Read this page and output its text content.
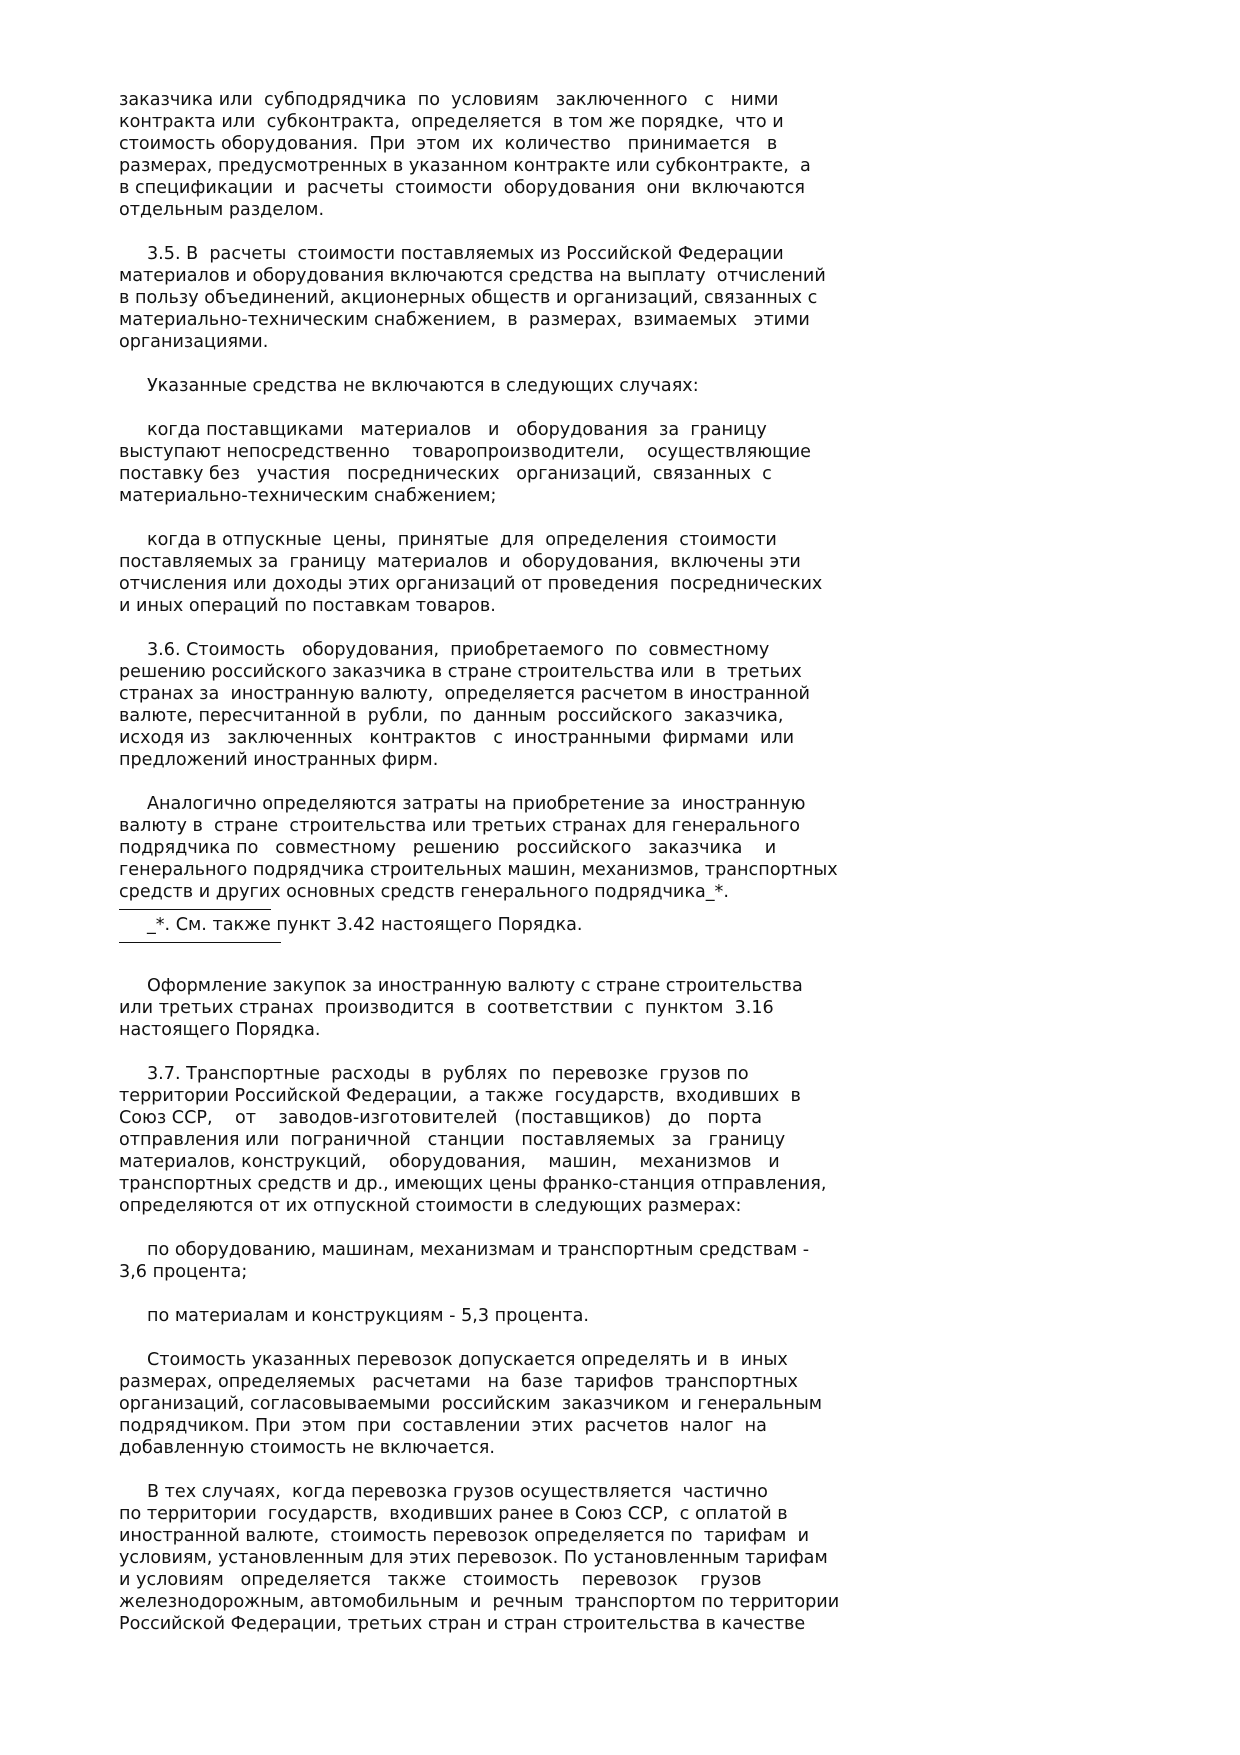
заказчика или  субподрядчика  по  условиям   заключенного   с   ними
контракта или  субконтракта,  определяется  в том же порядке,  что и
стоимость оборудования.  При  этом  их  количество   принимается   в
размерах, предусмотренных в указанном контракте или субконтракте,  а
в спецификации  и  расчеты  стоимости  оборудования  они  включаются
отдельным разделом.
3.5. В  расчеты  стоимости поставляемых из Российской Федерации
материалов и оборудования включаются средства на выплату  отчислений
в пользу объединений, акционерных обществ и организаций, связанных с
материально-техническим снабжением,  в  размерах,  взимаемых   этими
организациями.
Указанные средства не включаются в следующих случаях:
когда поставщиками   материалов   и   оборудования  за  границу
выступают непосредственно    товаропроизводители,    осуществляющие
поставку без   участия   посреднических   организаций,  связанных  с
материально-техническим снабжением;
когда в отпускные  цены,  принятые  для  определения  стоимости
поставляемых за  границу  материалов  и  оборудования,  включены эти
отчисления или доходы этих организаций от проведения  посреднических
и иных операций по поставкам товаров.
3.6. Стоимость   оборудования,  приобретаемого  по  совместному
решению российского заказчика в стране строительства или  в  третьих
странах за  иностранную валюту,  определяется расчетом в иностранной
валюте, пересчитанной в  рубли,  по  данным  российского  заказчика,
исходя из   заключенных   контрактов   с  иностранными  фирмами  или
предложений иностранных фирм.
Аналогично определяются затраты на приобретение за  иностранную
валюту в  стране  строительства или третьих странах для генерального
подрядчика по   совместному   решению   российского   заказчика    и
генерального подрядчика строительных машин, механизмов, транспортных
средств и других основных средств генерального подрядчика_*.
_*. См. также пункт 3.42 настоящего Порядка.
Оформление закупок за иностранную валюту с стране строительства
или третьих странах  производится  в  соответствии  с  пунктом  3.16
настоящего Порядка.
3.7. Транспортные  расходы  в  рублях  по  перевозке  грузов по
территории Российской Федерации,  а также  государств,  входивших  в
Союз ССР,    от    заводов-изготовителей   (поставщиков)   до   порта
отправления или  пограничной   станции   поставляемых   за   границу
материалов, конструкций,    оборудования,    машин,    механизмов   и
транспортных средств и др., имеющих цены франко-станция отправления,
определяются от их отпускной стоимости в следующих размерах:
по оборудованию, машинам, механизмам и транспортным средствам -
3,6 процента;
по материалам и конструкциям - 5,3 процента.
Стоимость указанных перевозок допускается определять и  в  иных
размерах, определяемых   расчетами   на  базе  тарифов  транспортных
организаций, согласовываемыми  российским  заказчиком  и генеральным
подрядчиком. При  этом  при  составлении  этих  расчетов  налог  на
добавленную стоимость не включается.
В тех случаях,  когда перевозка грузов осуществляется  частично
по территории  государств,  входивших ранее в Союз ССР,  с оплатой в
иностранной валюте,  стоимость перевозок определяется по  тарифам  и
условиям, установленным для этих перевозок. По установленным тарифам
и условиям   определяется   также   стоимость    перевозок    грузов
железнодорожным, автомобильным  и  речным  транспортом по территории
Российской Федерации, третьих стран и стран строительства в качестве
